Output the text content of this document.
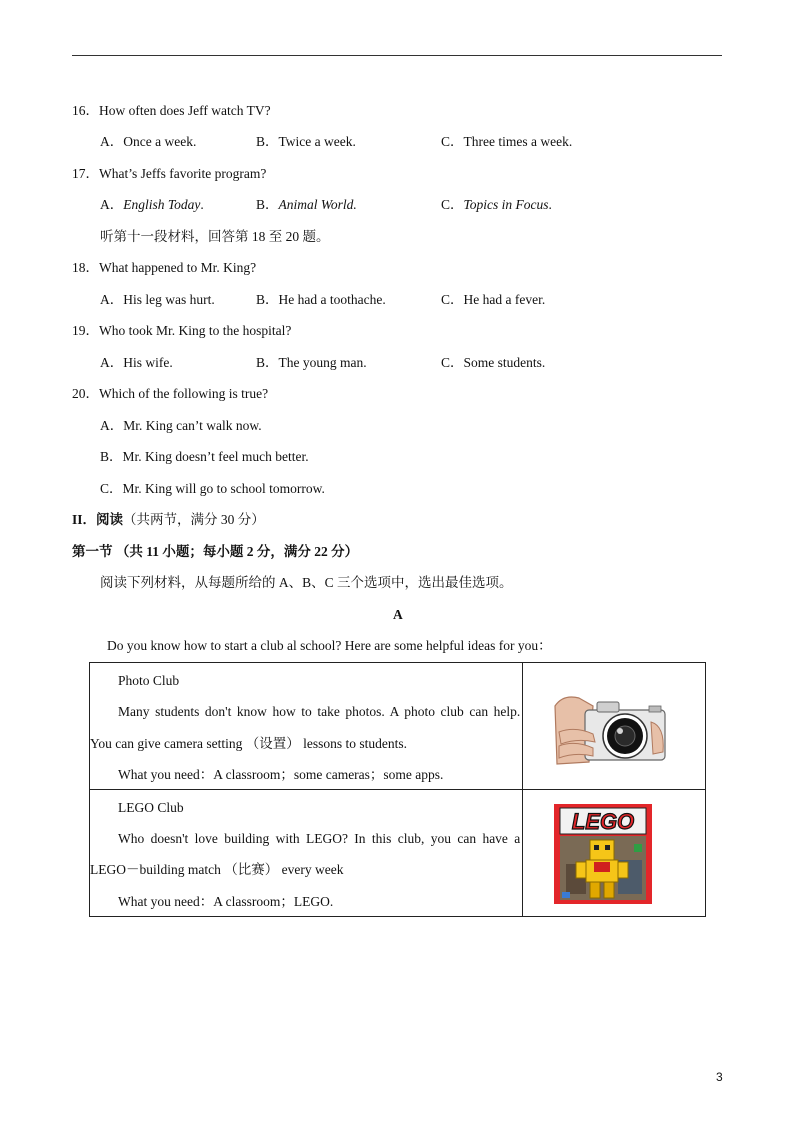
16．How often does Jeff watch TV?
A．Once a week.	B．Twice a week.	C．Three times a week.
17．What’s Jeffs favorite program?
A．English Today.	B．Animal World.	C．Topics in Focus.
听第十一段材料，回答第 18 至 20 题。
18．What happened to Mr. King?
A．His leg was hurt.	B．He had a toothache.	C．He had a fever.
19．Who took Mr. King to the hospital?
A．His wife.	B．The young man.	C．Some students.
20．Which of the following is true?
A．Mr. King can’t walk now.
B．Mr. King doesn’t feel much better.
C．Mr. King will go to school tomorrow.
II．阅读（共两节，满分 30 分）
第一节 （共 11 小题；每小题 2 分，满分 22 分）
阅读下列材料，从每题所给的 A、B、C 三个选项中，选出最佳选项。
A
Do you know how to start a club al school? Here are some helpful ideas for you：
Photo Club
Many students don't know how to take photos. A photo club can help.
You can give camera setting （设置） lessons to students.
What you need：A classroom；some cameras；some apps.

LEGO Club
Who doesn't love building with LEGO? In this club, you can have a
LEGO－building match （比赛） every week
What you need：A classroom；LEGO.	LEGO
3
